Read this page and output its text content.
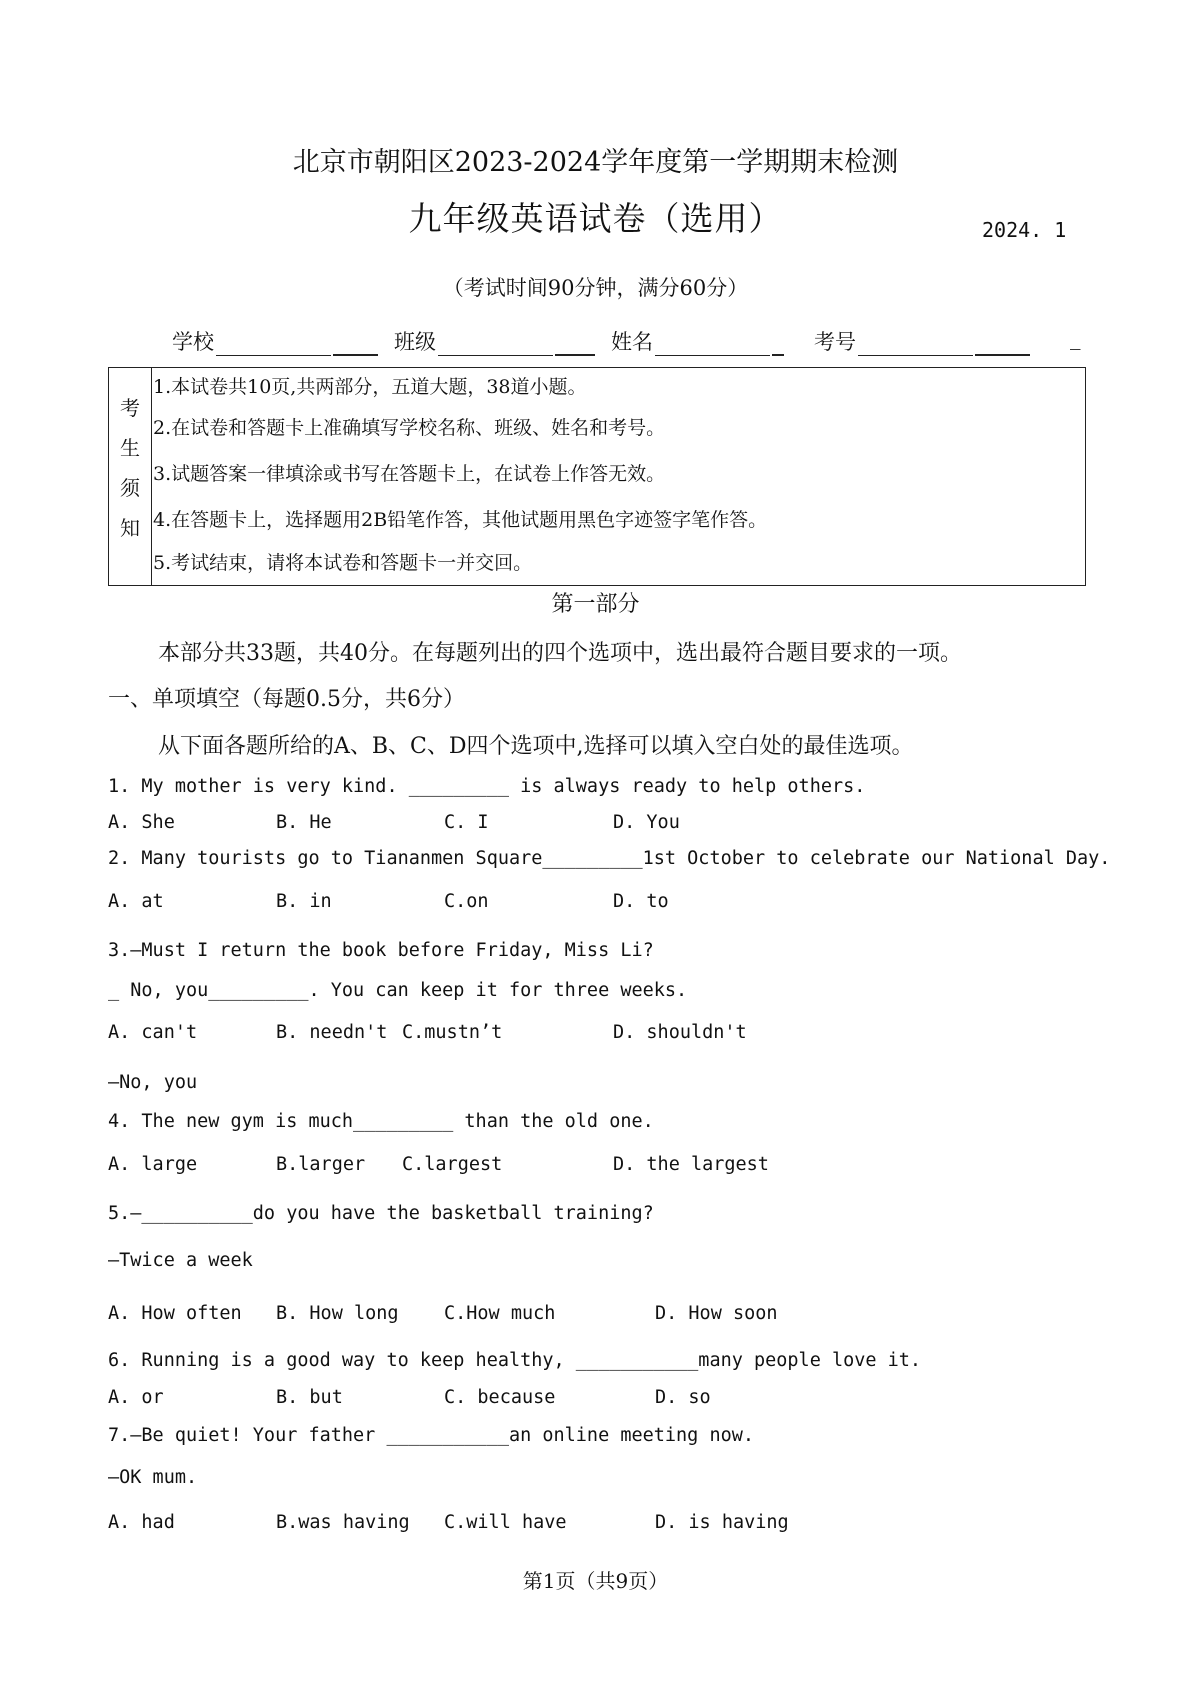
北京市朝阳区2023-2024学年度第一学期期末检测
九年级英语试卷（选用）	2024. 1
（考试时间90分钟，满分60分）
学校	班级	姓名	考号	_

考

生

须

知

1.本试卷共10页,共两部分，五道大题，38道小题。

2.在试卷和答题卡上准确填写学校名称、班级、姓名和考号。

3.试题答案一律填涂或书写在答题卡上，在试卷上作答无效。

4.在答题卡上，选择题用2B铅笔作答，其他试题用黑色字迹签字笔作答。

5.考试结束，请将本试卷和答题卡一并交回。

第一部分
本部分共33题，共40分。在每题列出的四个选项中，选出最符合题目要求的一项。
一、单项填空（每题0.5分，共6分）
从下面各题所给的A、B、C、D四个选项中,选择可以填入空白处的最佳选项。
1. My mother is very kind. _________ is always ready to help others.
A. She	B. He	C. I	D. You
2. Many tourists go to Tiananmen Square_________1st October to celebrate our National Day.
A. at	B. in	C.on	D. to
3.—Must I return the book before Friday, Miss Li?
_ No, you_________. You can keep it for three weeks.
A. can't	B. needn't C.mustn’t	D. shouldn't
—No, you
4. The new gym is much_________ than the old one.
A. large	B.larger C.largest	D. the largest
5.—__________do you have the basketball training?
—Twice a week
A. How often B. How long C.How much	D. How soon
6. Running is a good way to keep healthy, ___________many people love it.
A. or	B. but	C. because	D. so
7.—Be quiet! Your father ___________an online meeting now.
—OK mum.
A. had	B.was having C.will have	D. is having
第1页（共9页）
